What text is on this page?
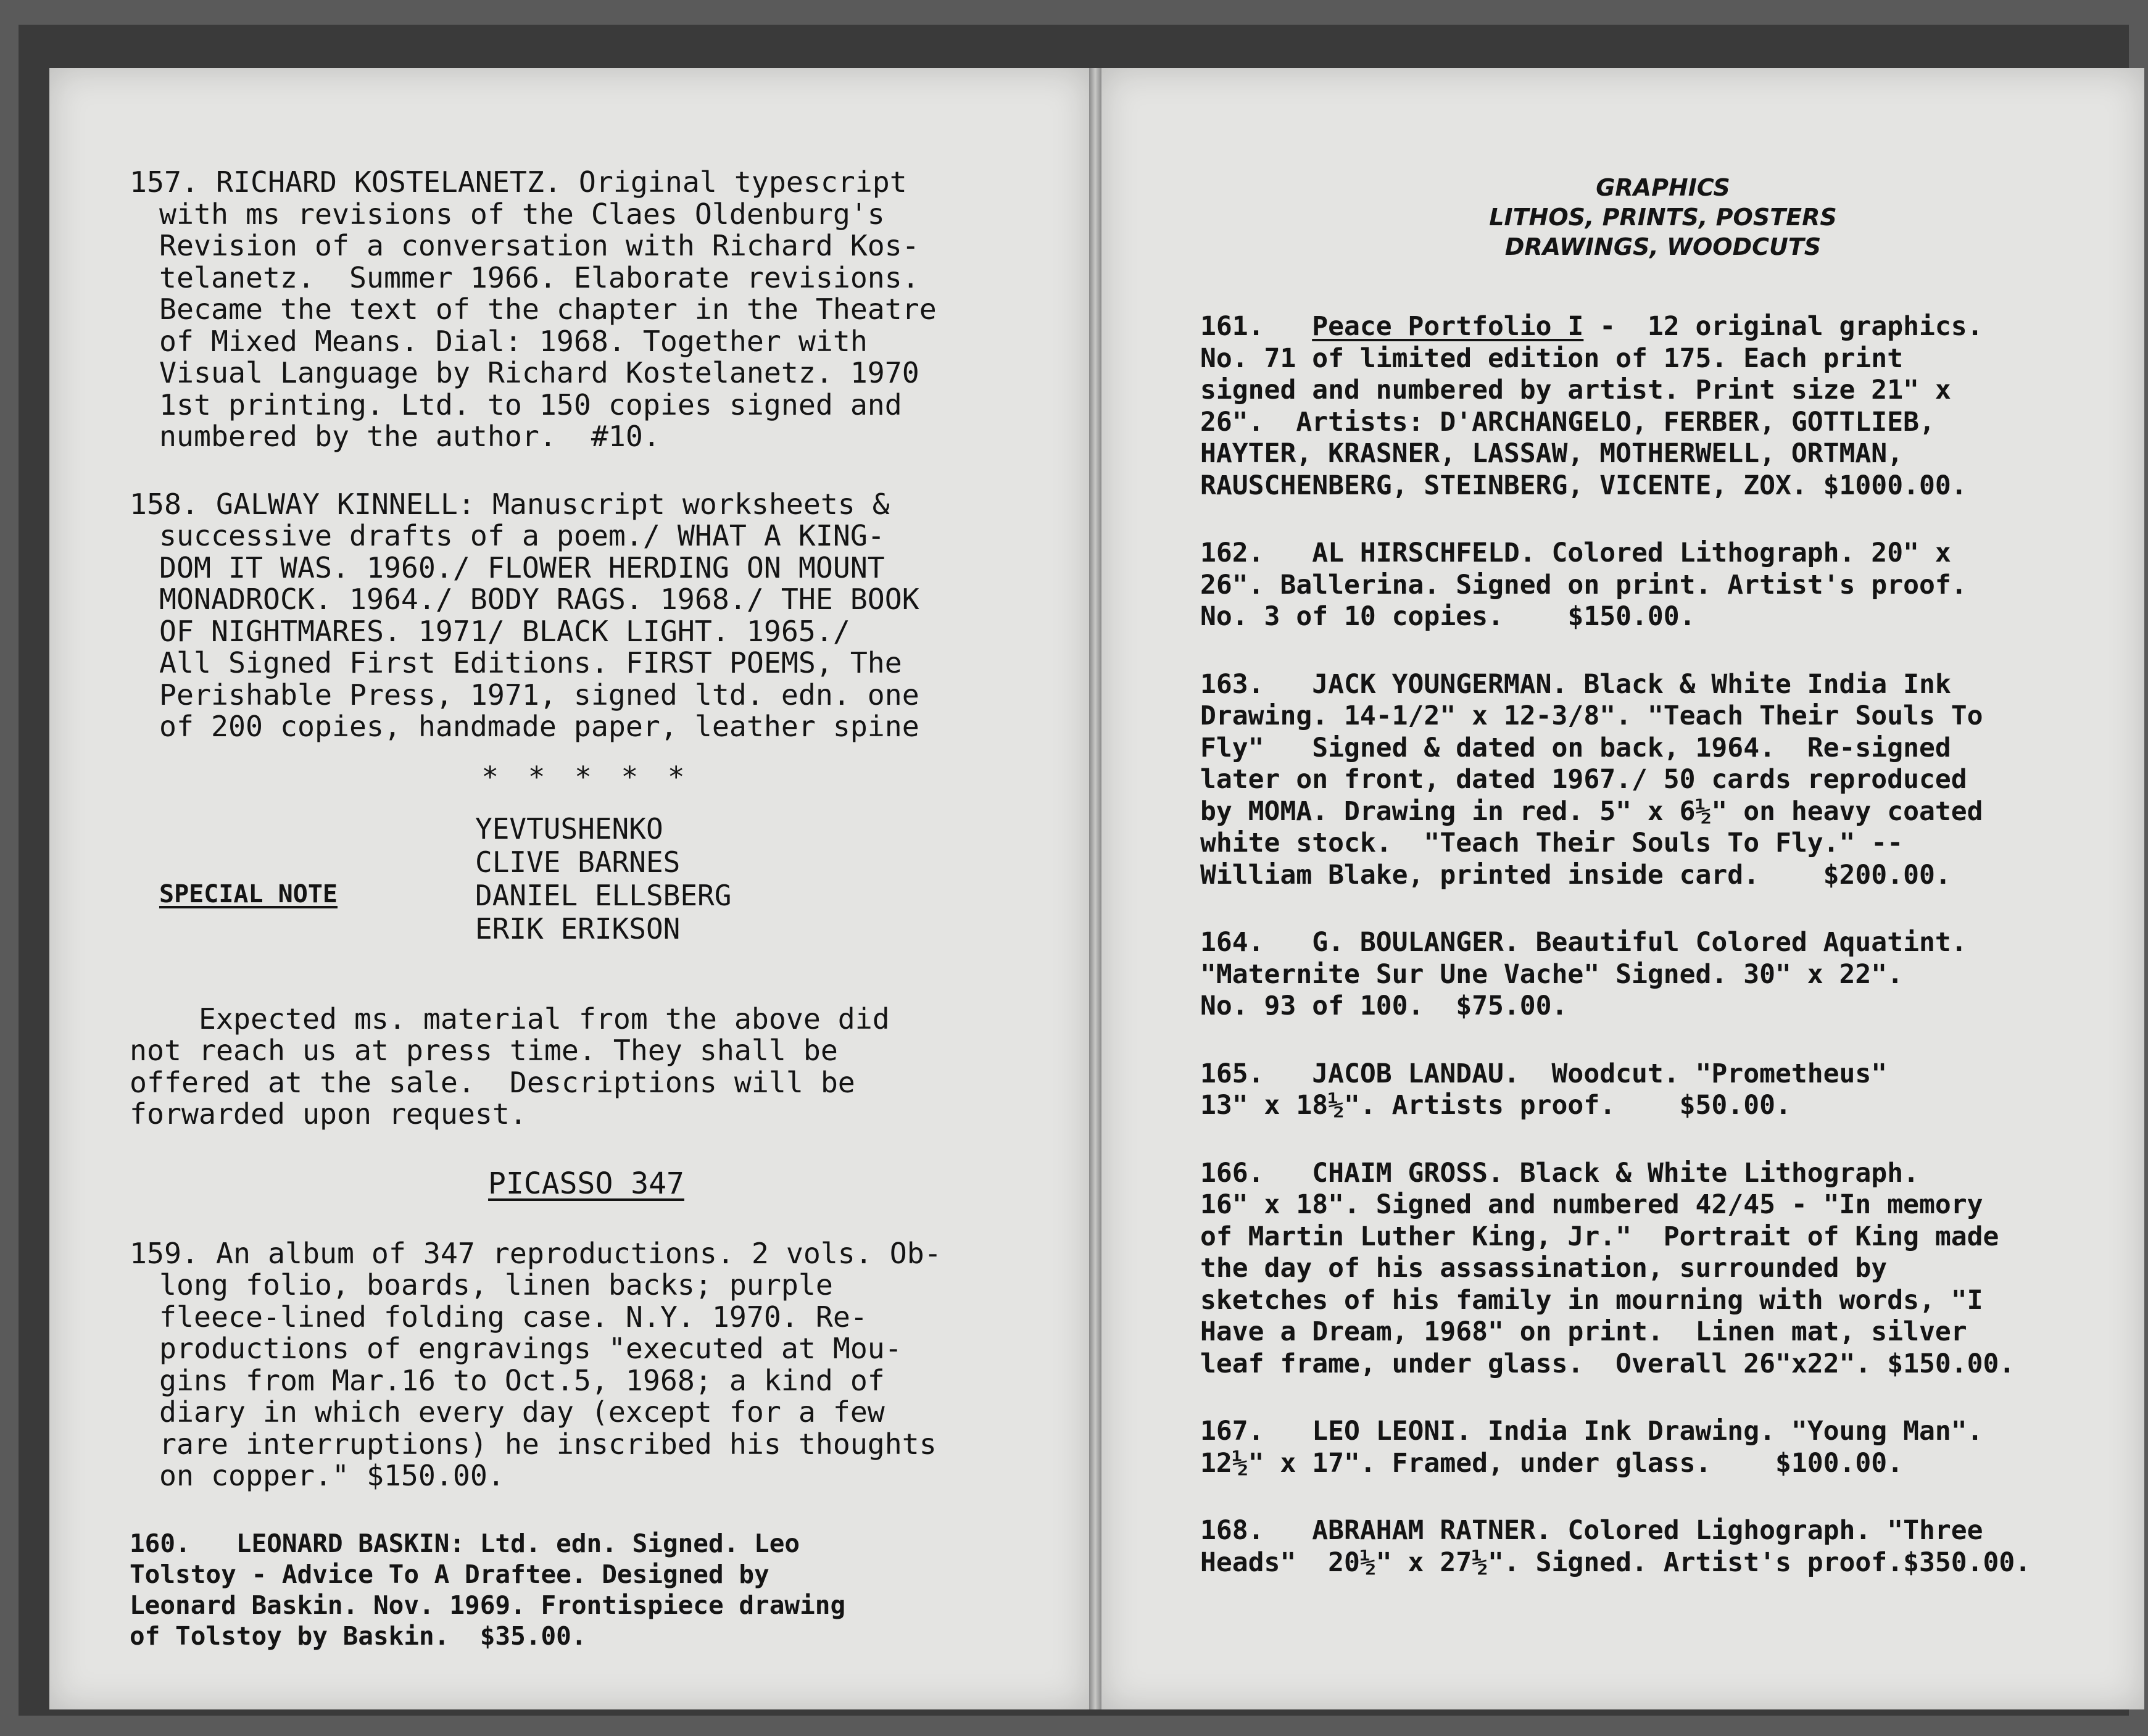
157. RICHARD KOSTELANETZ. Original typescript
with ms revisions of the Claes Oldenburg's
Revision of a conversation with Richard Kos-
telanetz.  Summer 1966. Elaborate revisions.
Became the text of the chapter in the Theatre
of Mixed Means. Dial: 1968. Together with
Visual Language by Richard Kostelanetz. 1970
1st printing. Ltd. to 150 copies signed and
numbered by the author.  #10.
158. GALWAY KINNELL: Manuscript worksheets &
successive drafts of a poem./ WHAT A KING-
DOM IT WAS. 1960./ FLOWER HERDING ON MOUNT
MONADROCK. 1964./ BODY RAGS. 1968./ THE BOOK
OF NIGHTMARES. 1971/ BLACK LIGHT. 1965./
All Signed First Editions. FIRST POEMS, The
Perishable Press, 1971, signed ltd. edn. one
of 200 copies, handmade paper, leather spine
* * * * *
SPECIAL NOTE
YEVTUSHENKO
CLIVE BARNES
DANIEL ELLSBERG
ERIK ERIKSON
Expected ms. material from the above did
not reach us at press time. They shall be
offered at the sale.  Descriptions will be
forwarded upon request.
PICASSO 347
159. An album of 347 reproductions. 2 vols. Ob-
long folio, boards, linen backs; purple
fleece-lined folding case. N.Y. 1970. Re-
productions of engravings "executed at Mou-
gins from Mar.16 to Oct.5, 1968; a kind of
diary in which every day (except for a few
rare interruptions) he inscribed his thoughts
on copper." $150.00.
160.   LEONARD BASKIN: Ltd. edn. Signed. Leo
Tolstoy - Advice To A Draftee. Designed by
Leonard Baskin. Nov. 1969. Frontispiece drawing
of Tolstoy by Baskin.  $35.00.
GRAPHICS
LITHOS, PRINTS, POSTERS
DRAWINGS, WOODCUTS
161.   Peace Portfolio I -  12 original graphics.
No. 71 of limited edition of 175. Each print
signed and numbered by artist. Print size 21" x
26".  Artists: D'ARCHANGELO, FERBER, GOTTLIEB,
HAYTER, KRASNER, LASSAW, MOTHERWELL, ORTMAN,
RAUSCHENBERG, STEINBERG, VICENTE, ZOX. $1000.00.
162.   AL HIRSCHFELD. Colored Lithograph. 20" x
26". Ballerina. Signed on print. Artist's proof.
No. 3 of 10 copies.    $150.00.
163.   JACK YOUNGERMAN. Black & White India Ink
Drawing. 14-1/2" x 12-3/8". "Teach Their Souls To
Fly"   Signed & dated on back, 1964.  Re-signed
later on front, dated 1967./ 50 cards reproduced
by MOMA. Drawing in red. 5" x 6½" on heavy coated
white stock.  "Teach Their Souls To Fly." --
William Blake, printed inside card.    $200.00.
164.   G. BOULANGER. Beautiful Colored Aquatint.
"Maternite Sur Une Vache" Signed. 30" x 22".
No. 93 of 100.  $75.00.
165.   JACOB LANDAU.  Woodcut. "Prometheus"
13" x 18½". Artists proof.    $50.00.
166.   CHAIM GROSS. Black & White Lithograph.
16" x 18". Signed and numbered 42/45 - "In memory
of Martin Luther King, Jr."  Portrait of King made
the day of his assassination, surrounded by
sketches of his family in mourning with words, "I
Have a Dream, 1968" on print.  Linen mat, silver
leaf frame, under glass.  Overall 26"x22". $150.00.
167.   LEO LEONI. India Ink Drawing. "Young Man".
12½" x 17". Framed, under glass.    $100.00.
168.   ABRAHAM RATNER. Colored Lighograph. "Three
Heads"  20½" x 27½". Signed. Artist's proof.$350.00.
